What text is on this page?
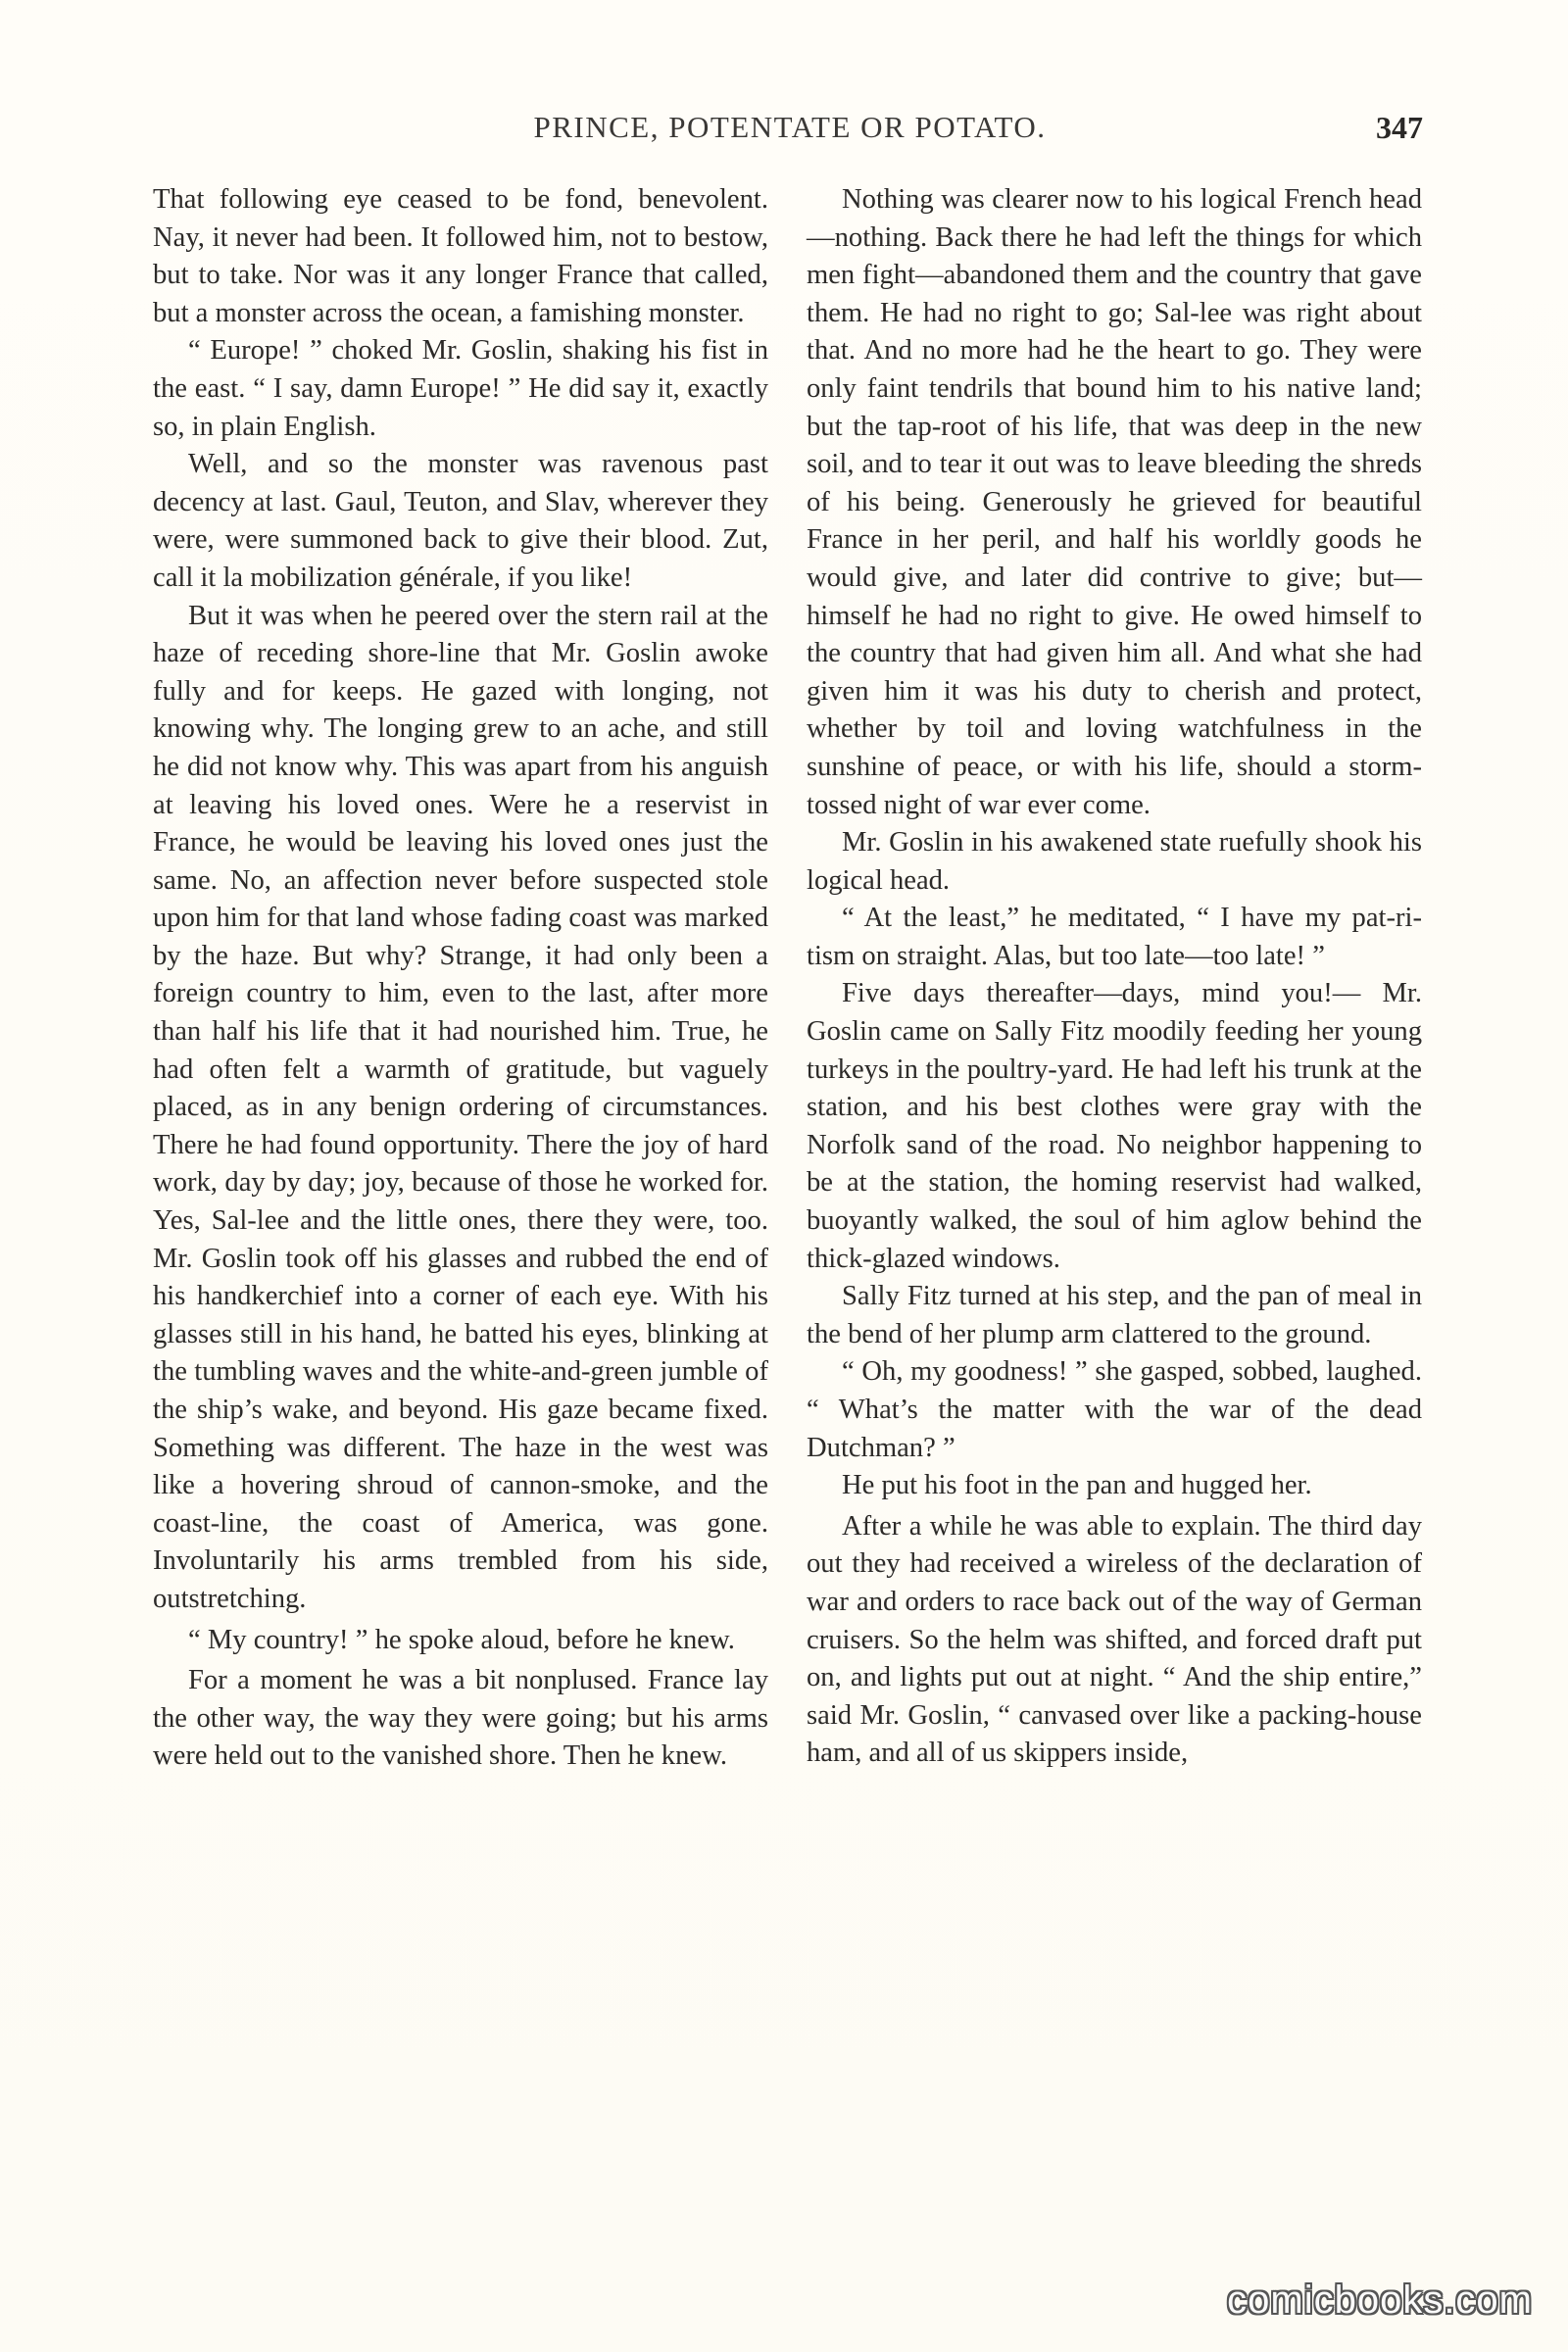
PRINCE, POTENTATE OR POTATO.	347

That following eye ceased to be fond, benevolent. Nay, it never had been. It followed him, not to bestow, but to take. Nor was it any longer France that called, but a monster across the ocean, a famishing monster.

“ Europe! ” choked Mr. Goslin, shaking his fist in the east. “ I say, damn Europe! ” He did say it, exactly so, in plain English.

Well, and so the monster was ravenous past decency at last. Gaul, Teuton, and Slav, wherever they were, were summoned back to give their blood. Zut, call it la mobilization générale, if you like!

But it was when he peered over the stern rail at the haze of receding shore-line that Mr. Goslin awoke fully and for keeps. He gazed with longing, not knowing why. The longing grew to an ache, and still he did not know why. This was apart from his anguish at leaving his loved ones. Were he a reservist in France, he would be leaving his loved ones just the same. No, an affection never before suspected stole upon him for that land whose fading coast was marked by the haze. But why? Strange, it had only been a foreign country to him, even to the last, after more than half his life that it had nourished him. True, he had often felt a warmth of gratitude, but vaguely placed, as in any benign ordering of circumstances. There he had found opportunity. There the joy of hard work, day by day; joy, because of those he worked for. Yes, Sal-lee and the little ones, there they were, too. Mr. Goslin took off his glasses and rubbed the end of his handkerchief into a corner of each eye. With his glasses still in his hand, he batted his eyes, blinking at the tumbling waves and the white-and-green jumble of the ship’s wake, and beyond. His gaze became fixed. Something was different. The haze in the west was like a hovering shroud of cannon-smoke, and the coast-line, the coast of America, was gone. Involuntarily his arms trembled from his side, outstretching.

“ My country! ” he spoke aloud, before he knew.

For a moment he was a bit nonplused. France lay the other way, the way they were going; but his arms were held out to the vanished shore. Then he knew.

Nothing was clearer now to his logical French head—nothing. Back there he had left the things for which men fight—abandoned them and the country that gave them. He had no right to go; Sal-lee was right about that. And no more had he the heart to go. They were only faint tendrils that bound him to his native land; but the tap-root of his life, that was deep in the new soil, and to tear it out was to leave bleeding the shreds of his being. Generously he grieved for beautiful France in her peril, and half his worldly goods he would give, and later did contrive to give; but— himself he had no right to give. He owed himself to the country that had given him all. And what she had given him it was his duty to cherish and protect, whether by toil and loving watchfulness in the sunshine of peace, or with his life, should a storm-tossed night of war ever come.

Mr. Goslin in his awakened state ruefully shook his logical head.

“ At the least,” he meditated, “ I have my pat-ri-tism on straight. Alas, but too late—too late! ”

Five days thereafter—days, mind you!— Mr. Goslin came on Sally Fitz moodily feeding her young turkeys in the poultry-yard. He had left his trunk at the station, and his best clothes were gray with the Norfolk sand of the road. No neighbor happening to be at the station, the homing reservist had walked, buoyantly walked, the soul of him aglow behind the thick-glazed windows.

Sally Fitz turned at his step, and the pan of meal in the bend of her plump arm clattered to the ground.

“ Oh, my goodness! ” she gasped, sobbed, laughed. “ What’s the matter with the war of the dead Dutchman? ”

He put his foot in the pan and hugged her.

After a while he was able to explain. The third day out they had received a wireless of the declaration of war and orders to race back out of the way of German cruisers. So the helm was shifted, and forced draft put on, and lights put out at night. “ And the ship entire,” said Mr. Goslin, “ canvased over like a packing-house ham, and all of us skippers inside,

comicbooks.com
